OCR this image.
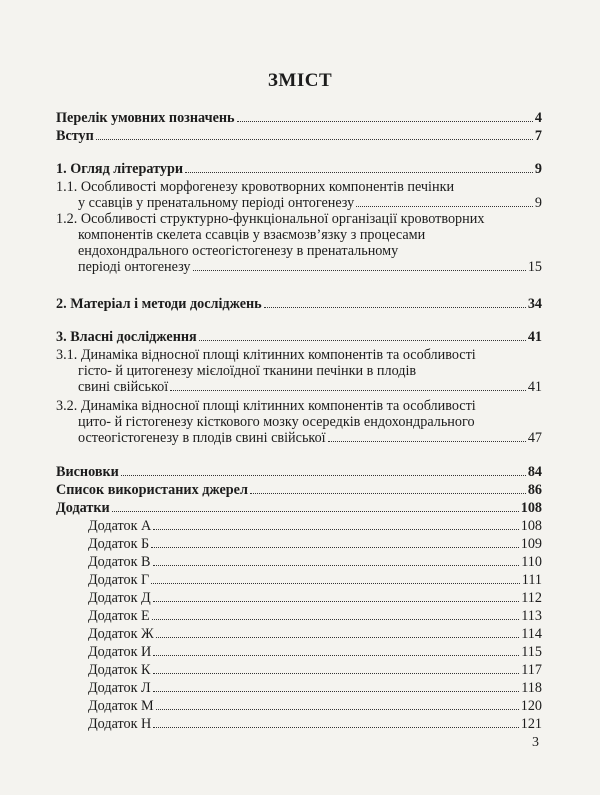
ЗМІСТ
Перелік умовних позначень	4
Вступ	7
1. Огляд літератури	9
1.1. Особливості морфогенезу кровотворних компонентів печінки
у ссавців у пренатальному періоді онтогенезу	9
1.2. Особливості структурно-функціональної організації кровотворних
компонентів скелета ссавців у взаємозв’язку з процесами
ендохондрального остеогістогенезу в пренатальному
періоді онтогенезу	15
2. Матеріал і методи досліджень	34
3. Власні дослідження	41
3.1. Динаміка відносної площі клітинних компонентів та особливості
гісто- й цитогенезу мієлоїдної тканини печінки в плодів
свині свійської	41
3.2. Динаміка відносної площі клітинних компонентів та особливості
цито- й гістогенезу кісткового мозку осередків ендохондрального
остеогістогенезу в плодів свині свійської	47
Висновки	84
Список використаних джерел	86
Додатки	108
Додаток А	108
Додаток Б	109
Додаток В	110
Додаток Г	111
Додаток Д	112
Додаток Е	113
Додаток Ж	114
Додаток И	115
Додаток К	117
Додаток Л	118
Додаток М	120
Додаток Н	121
3
